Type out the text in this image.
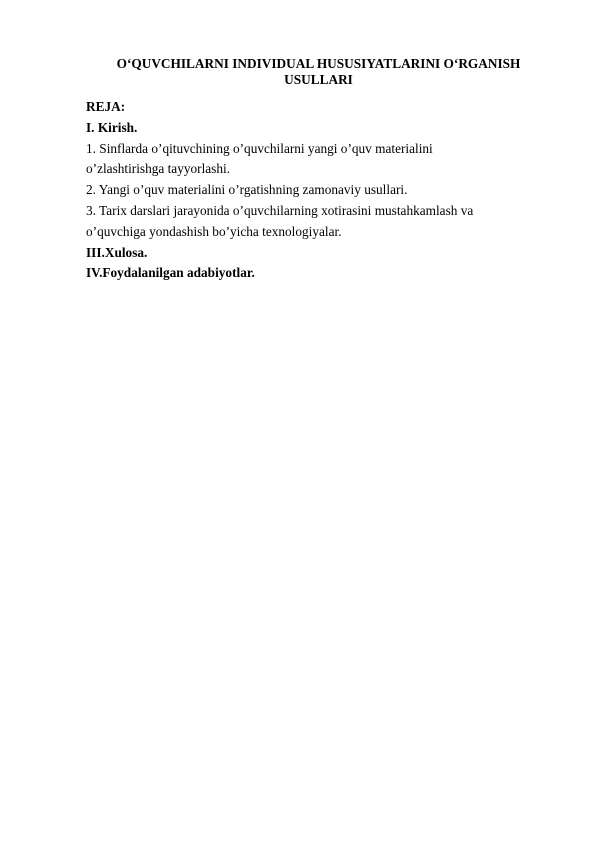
O‘QUVCHILARNI INDIVIDUAL HUSUSIYATLARINI O‘RGANISH
USULLARI
REJA:
I. Kirish.
1. Sinflarda o’qituvchining o’quvchilarni yangi o’quv materialini
o’zlashtirishga tayyorlashi.
2. Yangi o’quv materialini o’rgatishning zamonaviy usullari.
3. Tarix darslari jarayonida o’quvchilarning xotirasini mustahkamlash va
o’quvchiga yondashish bo’yicha texnologiyalar.
III.Xulosa.
IV.Foydalanilgan adabiyotlar.
